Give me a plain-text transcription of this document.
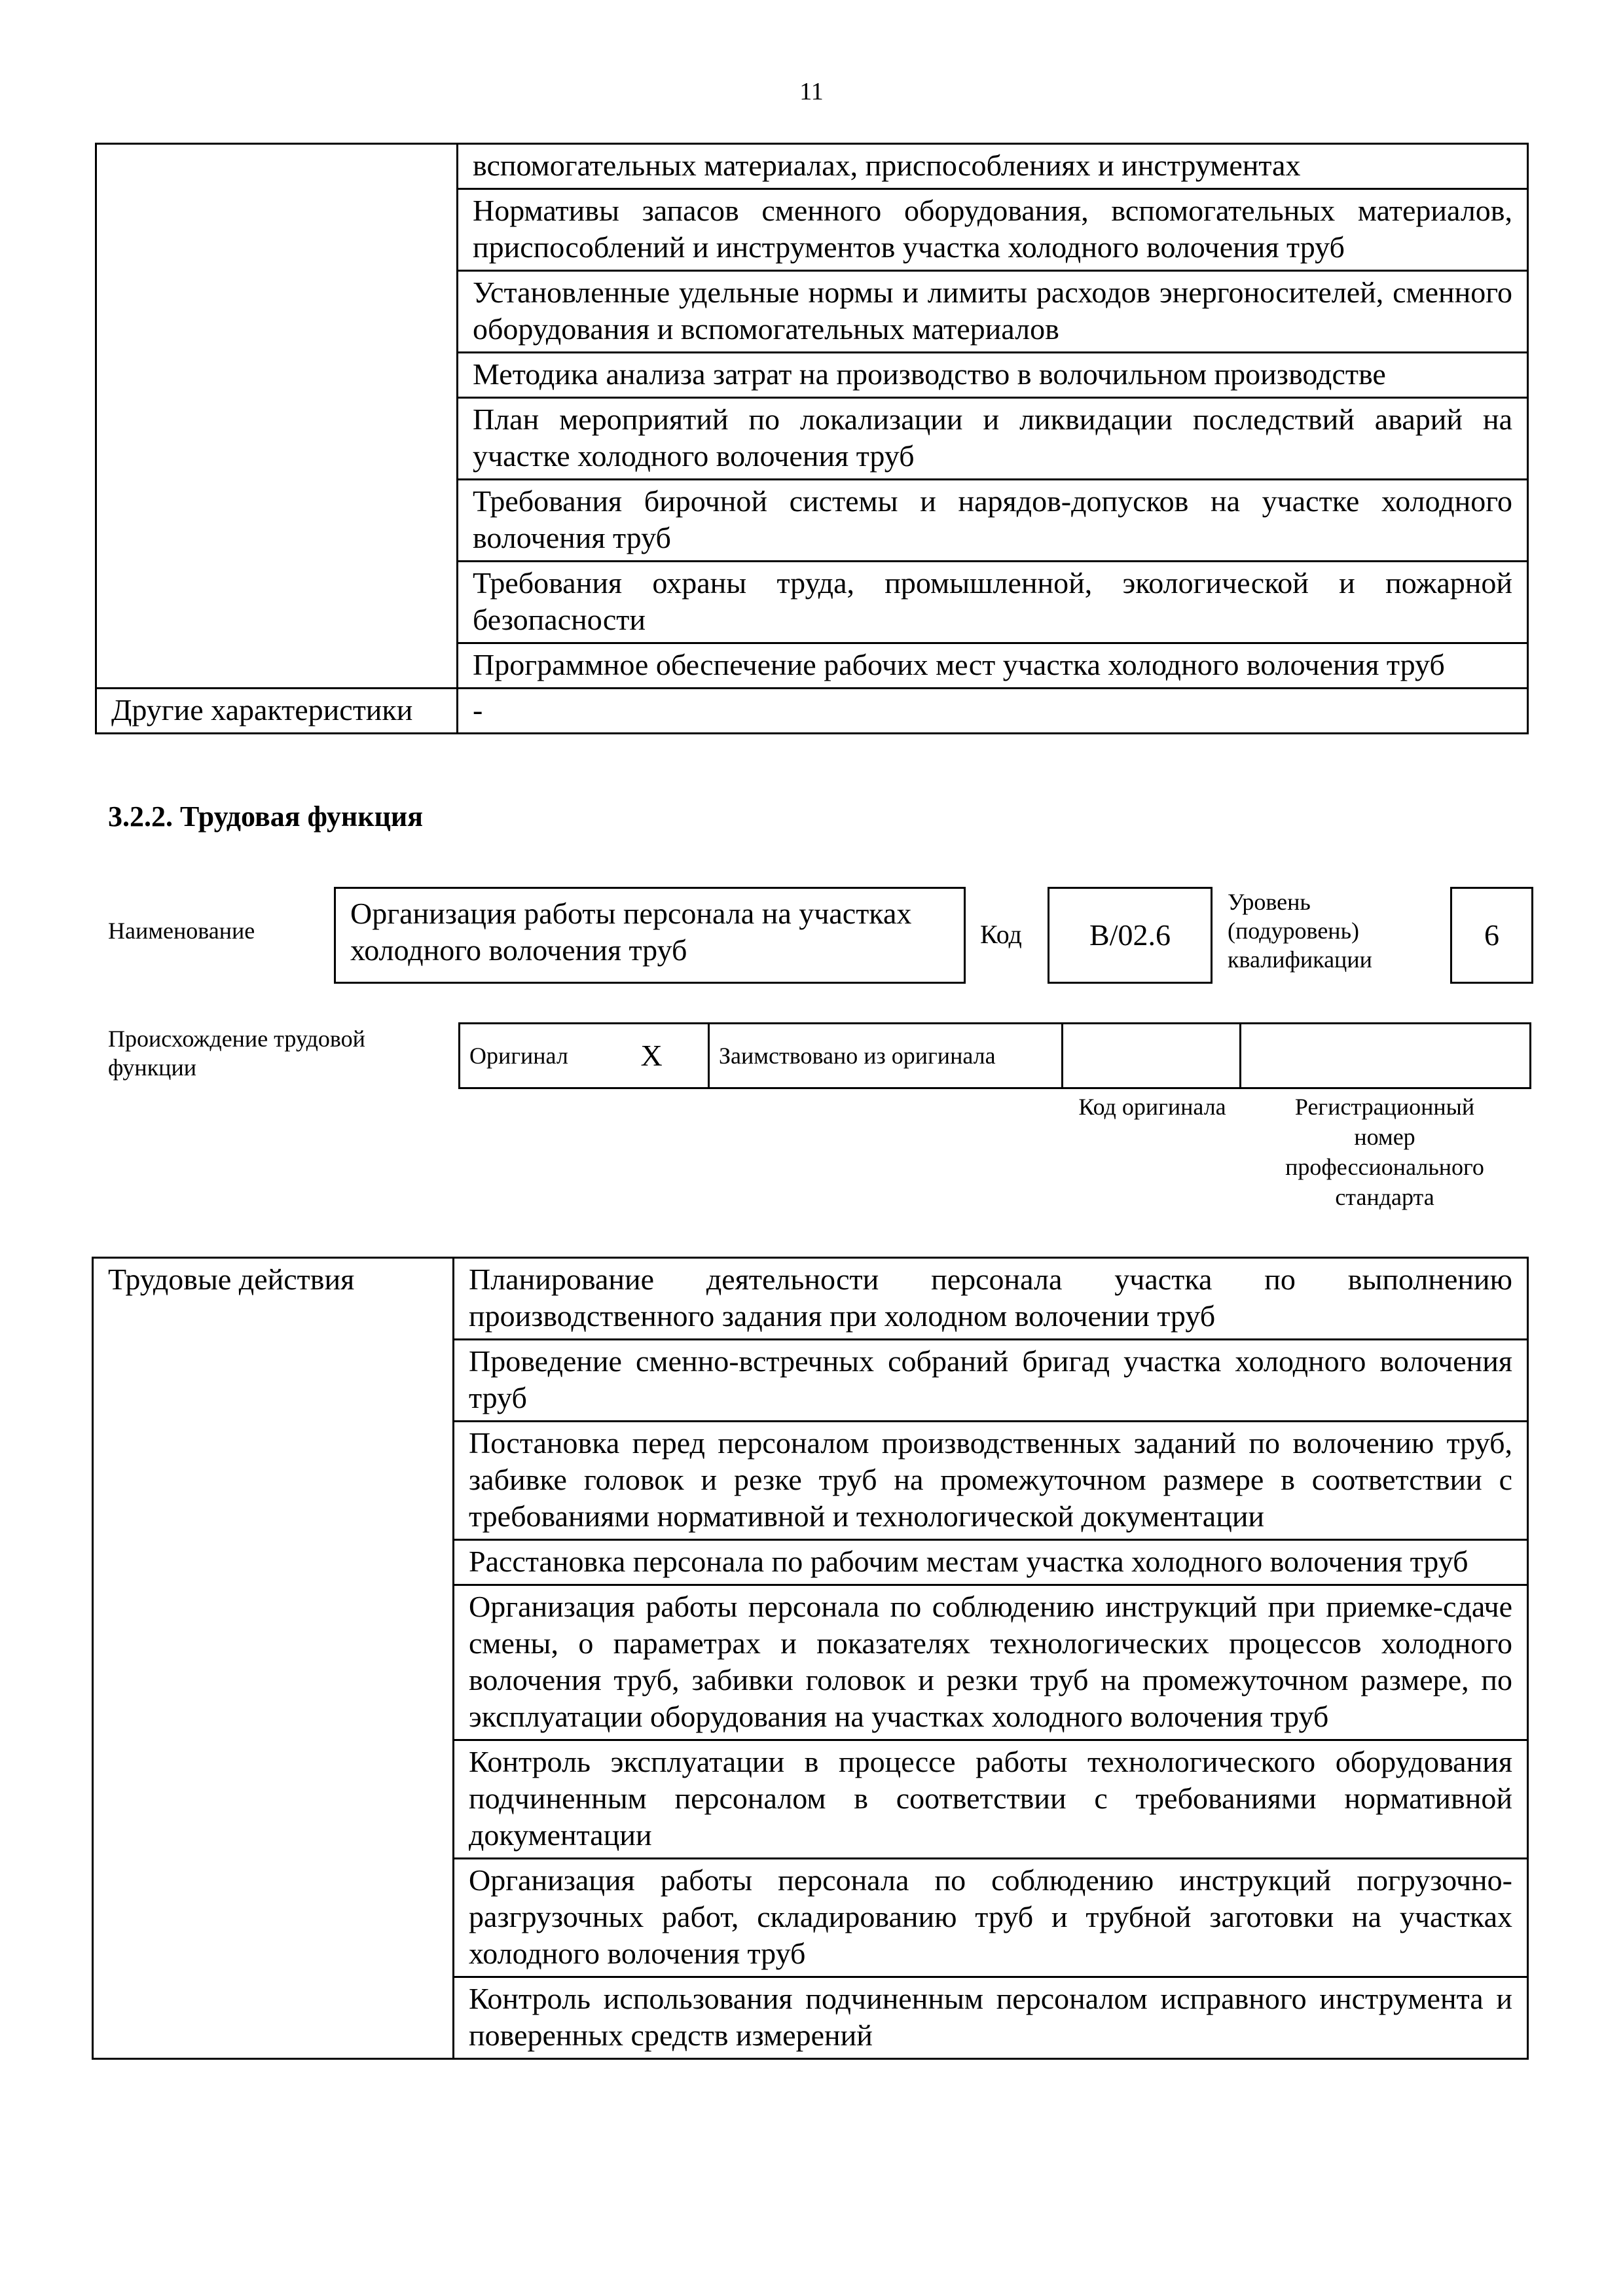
11
	вспомогательных материалах, приспособлениях и инструментах
	Нормативы запасов сменного оборудования, вспомогательных материалов, приспособлений и инструментов участка холодного волочения труб
	Установленные удельные нормы и лимиты расходов энергоносителей, сменного оборудования и вспомогательных материалов
	Методика анализа затрат на производство в волочильном производстве
	План мероприятий по локализации и ликвидации последствий аварий на участке холодного волочения труб
	Требования бирочной системы и нарядов-допусков на участке холодного волочения труб
	Требования охраны труда, промышленной, экологической и пожарной безопасности
	Программное обеспечение рабочих мест участка холодного волочения труб
Другие характеристики	-
3.2.2. Трудовая функция
Наименование
Организация работы персонала на участках холодного волочения труб	Код B/02.6
Уровень (подуровень) квалификации
6
Происхождение трудовой функции	Оригинал	X	Заимствовано из оригинала		
Код оригинала	Регистрационный номер профессионального стандарта
Трудовые действия	Планирование деятельности персонала участка по выполнению производственного задания при холодном волочении труб
Проведение сменно-встречных собраний бригад участка холодного волочения труб
Постановка перед персоналом производственных заданий по волочению труб, забивке головок и резке труб на промежуточном размере в соответствии с требованиями нормативной и технологической документации
Расстановка персонала по рабочим местам участка холодного волочения труб
Организация работы персонала по соблюдению инструкций при приемке-сдаче смены, о параметрах и показателях технологических процессов холодного волочения труб, забивки головок и резки труб на промежуточном размере, по эксплуатации оборудования на участках холодного волочения труб
Контроль эксплуатации в процессе работы технологического оборудования подчиненным персоналом в соответствии с требованиями нормативной документации
Организация работы персонала по соблюдению инструкций погрузочно-разгрузочных работ, складированию труб и трубной заготовки на участках холодного волочения труб
Контроль использования подчиненным персоналом исправного инструмента и поверенных средств измерений
